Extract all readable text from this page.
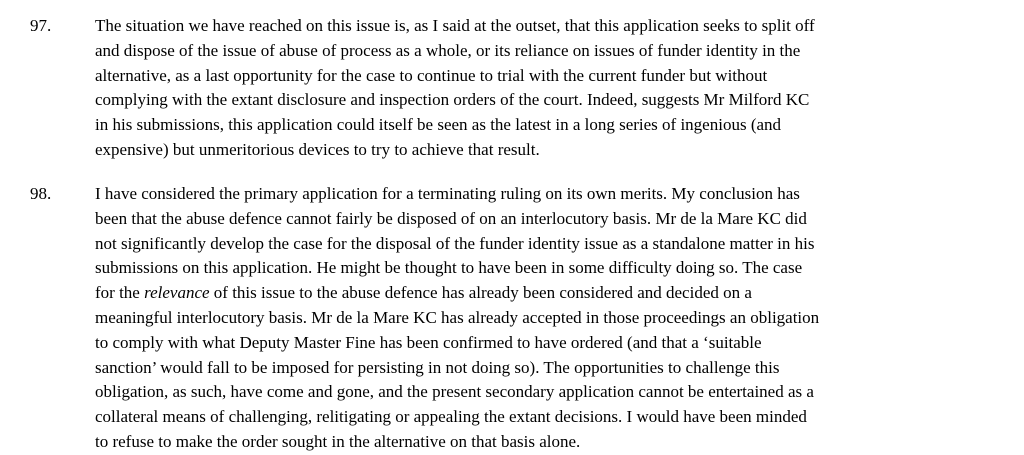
97.	The situation we have reached on this issue is, as I said at the outset, that this application seeks to split off
and dispose of the issue of abuse of process as a whole, or its reliance on issues of funder identity in the
alternative, as a last opportunity for the case to continue to trial with the current funder but without
complying with the extant disclosure and inspection orders of the court. Indeed, suggests Mr Milford KC
in his submissions, this application could itself be seen as the latest in a long series of ingenious (and
expensive) but unmeritorious devices to try to achieve that result.
98.	I have considered the primary application for a terminating ruling on its own merits. My conclusion has
been that the abuse defence cannot fairly be disposed of on an interlocutory basis. Mr de la Mare KC did
not significantly develop the case for the disposal of the funder identity issue as a standalone matter in his
submissions on this application. He might be thought to have been in some difficulty doing so. The case
for the relevance of this issue to the abuse defence has already been considered and decided on a
meaningful interlocutory basis. Mr de la Mare KC has already accepted in those proceedings an obligation
to comply with what Deputy Master Fine has been confirmed to have ordered (and that a ‘suitable
sanction’ would fall to be imposed for persisting in not doing so). The opportunities to challenge this
obligation, as such, have come and gone, and the present secondary application cannot be entertained as a
collateral means of challenging, relitigating or appealing the extant decisions. I would have been minded
to refuse to make the order sought in the alternative on that basis alone.
